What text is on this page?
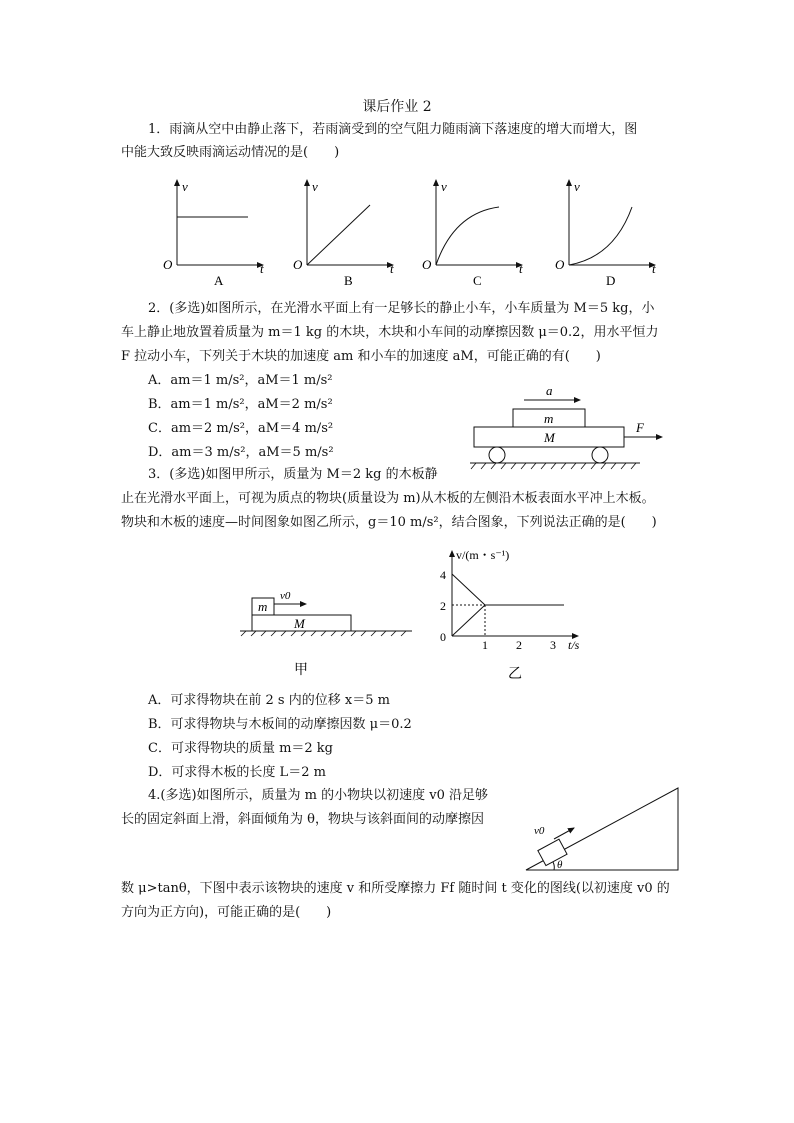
课后作业 2
1．雨滴从空中由静止落下，若雨滴受到的空气阻力随雨滴下落速度的增大而增大，图
中能大致反映雨滴运动情况的是(　　)
v
t
O
A
v
t
O
B
v
t
O
C
v
t
O
D
2．(多选)如图所示，在光滑水平面上有一足够长的静止小车，小车质量为 M＝5 kg，小
车上静止地放置着质量为 m＝1 kg 的木块，木块和小车间的动摩擦因数 μ＝0.2，用水平恒力
F 拉动小车，下列关于木块的加速度 am 和小车的加速度 aM，可能正确的有(　　)
A．am＝1 m/s²，aM＝1 m/s²
B．am＝1 m/s²，aM＝2 m/s²
C．am＝2 m/s²，aM＝4 m/s²
D．am＝3 m/s²，aM＝5 m/s²
a
m
M
F
3．(多选)如图甲所示，质量为 M＝2 kg 的木板静
止在光滑水平面上，可视为质点的物块(质量设为 m)从木板的左侧沿木板表面水平冲上木板。
物块和木板的速度—时间图象如图乙所示，g＝10 m/s²，结合图象，下列说法正确的是(　　)
m
v0
M
甲
v/(m・s⁻¹)
t/s
4
2
0
1 2 3
乙
A．可求得物块在前 2 s 内的位移 x＝5 m
B．可求得物块与木板间的动摩擦因数 μ＝0.2
C．可求得物块的质量 m＝2 kg
D．可求得木板的长度 L＝2 m
4.(多选)如图所示，质量为 m 的小物块以初速度 v0 沿足够
长的固定斜面上滑，斜面倾角为 θ，物块与该斜面间的动摩擦因
数 μ>tanθ，下图中表示该物块的速度 v 和所受摩擦力 Ff 随时间 t 变化的图线(以初速度 v0 的
方向为正方向)，可能正确的是(　　)
v0
θ
